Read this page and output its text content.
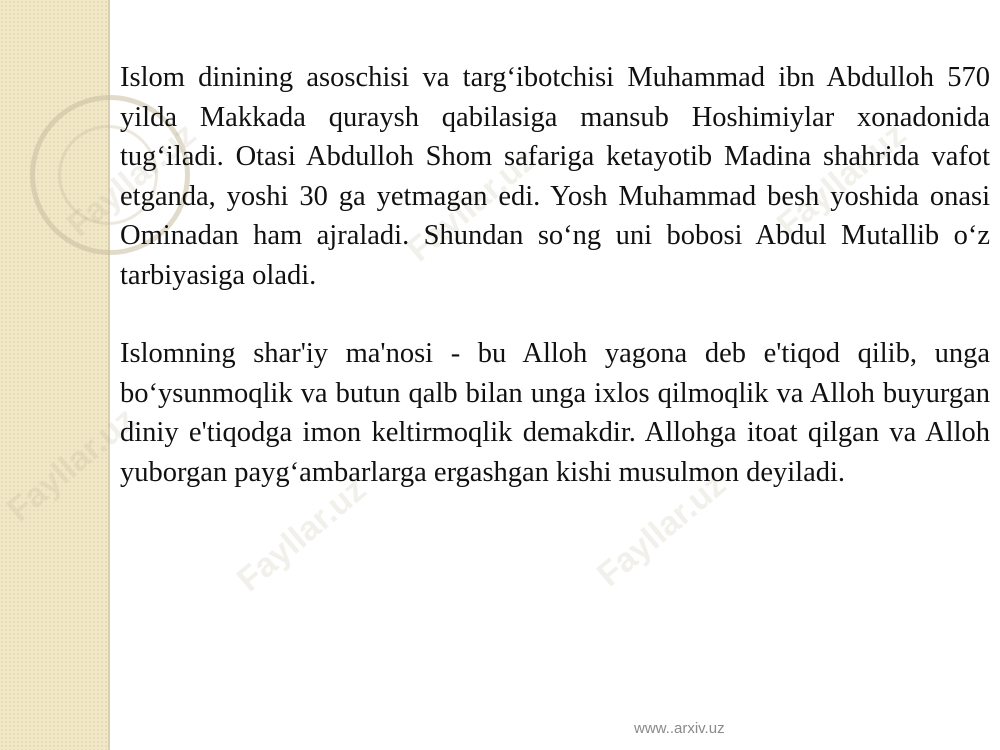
Fayllar.uz	Fayllar.uz	Fayllar.uz
Fayllar.uz	Fayllar.uz

Islom dinining asoschisi va targ‘ibotchisi Muhammad ibn Abdulloh 570 yilda Makkada quraysh qabilasiga mansub Hoshimiylar xonadonida tug‘iladi. Otasi Abdulloh Shom safariga ketayotib Madina shahrida vafot etganda, yoshi 30 ga yetmagan edi. Yosh Muhammad besh yoshida onasi Ominadan ham ajraladi. Shundan so‘ng uni bobosi Abdul Mutallib o‘z tarbiyasiga oladi.

Islomning shar'iy ma'nosi - bu Alloh yagona deb e'tiqod qilib, unga bo‘ysunmoqlik va butun qalb bilan unga ixlos qilmoqlik va Alloh buyurgan diniy e'tiqodga imon keltirmoqlik demakdir. Allohga itoat qilgan va Alloh yuborgan payg‘ambarlarga ergashgan kishi musulmon deyiladi.

www..arxiv.uz
